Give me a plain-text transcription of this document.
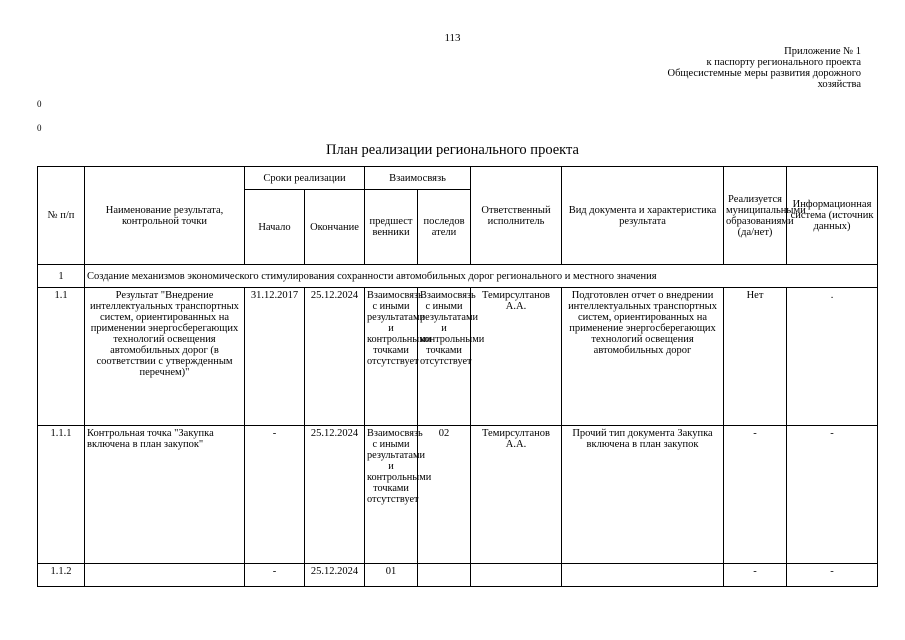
113
Приложение № 1
к паспорту регионального проекта
Общесистемные меры развития дорожного
хозяйства
0
0
План реализации регионального проекта
№ п/п	Наименование результата, контрольной точки	Сроки реализации		Взаимосвязь		Ответственный исполнитель	Вид документа и характеристика результата	Реализуется муниципальными образованиями (да/нет)	Информационная система (источник данных)
		Начало	Окончание	предшест венники	последов атели				
1	Создание механизмов экономического стимулирования сохранности автомобильных дорог регионального и местного значения								
1.1	Результат "Внедрение интеллектуальных транспортных систем, ориентированных на применении энергосберегающих технологий освещения автомобильных дорог (в соответствии с утвержденным перечнем)"	31.12.2017	25.12.2024	Взаимосвязь с иными результатами и контрольными точками отсутствует	Взаимосвязь с иными результатами и контрольными точками отсутствует	Темирсултанов А.А.	Подготовлен отчет о внедрении интеллектуальных транспортных систем, ориентированных на применение энергосберегающих технологий освещения автомобильных дорог	Нет	.
1.1.1	Контрольная точка "Закупка включена в план закупок"	-	25.12.2024	Взаимосвязь с иными результатами и контрольными точками отсутствует	02	Темирсултанов А.А.	Прочий тип документа Закупка включена в план закупок	-	-
1.1.2		-	25.12.2024	01				-	-
